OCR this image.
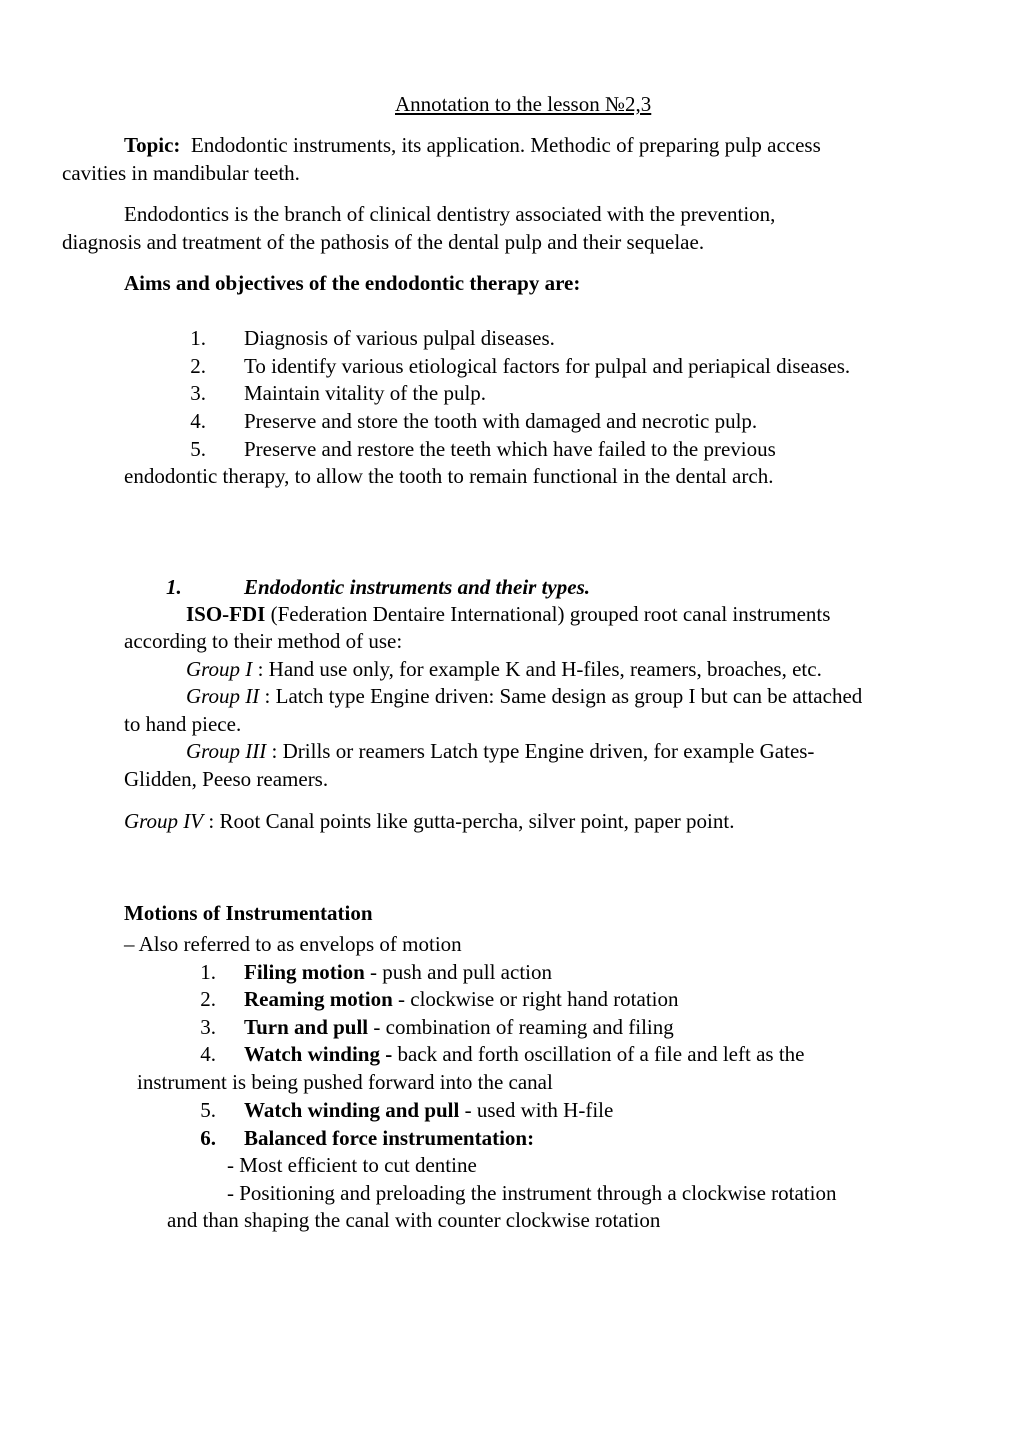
Annotation to the lesson №2,3
Topic: Endodontic instruments, its application. Methodic of preparing pulp access
cavities in mandibular teeth.
Endodontics is the branch of clinical dentistry associated with the prevention,
diagnosis and treatment of the pathosis of the dental pulp and their sequelae.
Aims and objectives of the endodontic therapy are:
1. Diagnosis of various pulpal diseases.
2. To identify various etiological factors for pulpal and periapical diseases.
3. Maintain vitality of the pulp.
4. Preserve and store the tooth with damaged and necrotic pulp.
5. Preserve and restore the teeth which have failed to the previous
endodontic therapy, to allow the tooth to remain functional in the dental arch.
1.	Endodontic instruments and their types.
ISO-FDI (Federation Dentaire International) grouped root canal instruments
according to their method of use:
Group I : Hand use only, for example K and H-files, reamers, broaches, etc.
Group II : Latch type Engine driven: Same design as group I but can be attached
to hand piece.
Group III : Drills or reamers Latch type Engine driven, for example Gates-
Glidden, Peeso reamers.
Group IV : Root Canal points like gutta-percha, silver point, paper point.
Motions of Instrumentation
– Also referred to as envelops of motion
1. Filing motion - push and pull action
2. Reaming motion - clockwise or right hand rotation
3. Turn and pull - combination of reaming and filing
4. Watch winding - back and forth oscillation of a file and left as the
instrument is being pushed forward into the canal
5. Watch winding and pull - used with H-file
6. Balanced force instrumentation:
- Most efficient to cut dentine
- Positioning and preloading the instrument through a clockwise rotation
and than shaping the canal with counter clockwise rotation
